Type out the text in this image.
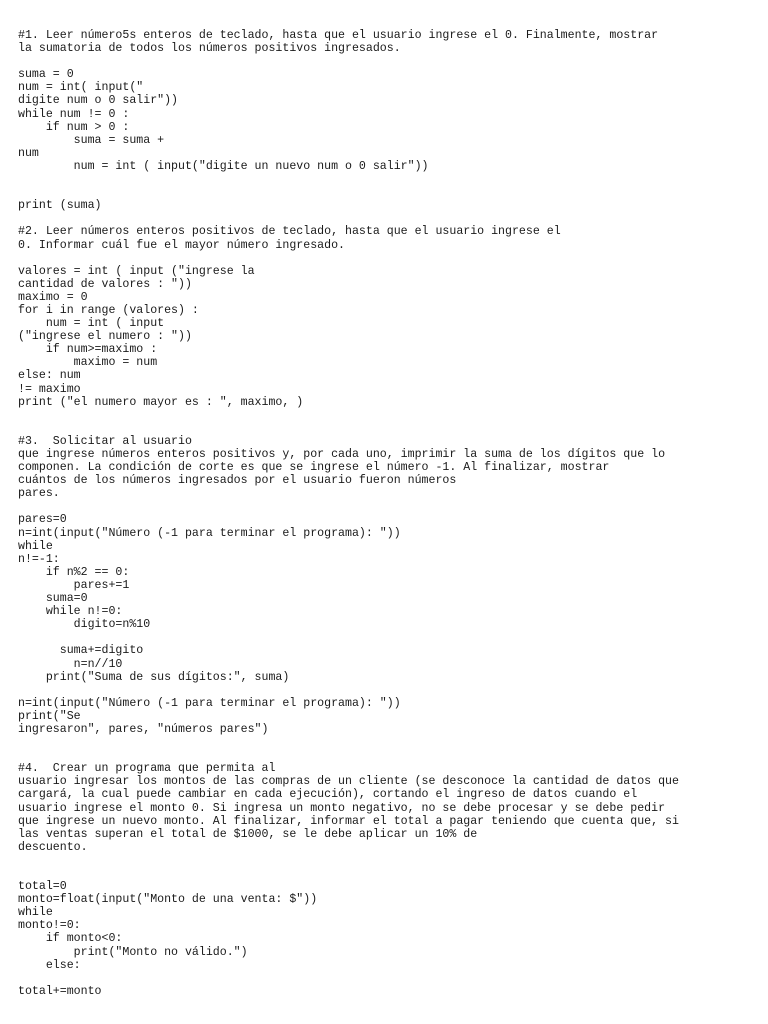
#1. Leer número5s enteros de teclado, hasta que el usuario ingrese el 0. Finalmente, mostrar
la sumatoria de todos los números positivos ingresados.
suma = 0
num = int( input("
digite num o 0 salir"))
while num != 0 :
if num > 0 :
suma = suma +
num
num = int ( input("digite un nuevo num o 0 salir"))
print (suma)
#2. Leer números enteros positivos de teclado, hasta que el usuario ingrese el
0. Informar cuál fue el mayor número ingresado.
valores = int ( input ("ingrese la
cantidad de valores : "))
maximo = 0
for i in range (valores) :
num = int ( input
("ingrese el numero : "))
if num>=maximo :
maximo = num
else: num
!= maximo
print ("el numero mayor es : ", maximo, )
#3.  Solicitar al usuario
que ingrese números enteros positivos y, por cada uno, imprimir la suma de los dígitos que lo
componen. La condición de corte es que se ingrese el número -1. Al finalizar, mostrar
cuántos de los números ingresados por el usuario fueron números
pares.
pares=0
n=int(input("Número (-1 para terminar el programa): "))
while
n!=-1:
if n%2 == 0:
pares+=1
suma=0
while n!=0:
digito=n%10
suma+=digito
n=n//10
print("Suma de sus dígitos:", suma)
n=int(input("Número (-1 para terminar el programa): "))
print("Se
ingresaron", pares, "números pares")
#4.  Crear un programa que permita al
usuario ingresar los montos de las compras de un cliente (se desconoce la cantidad de datos que
cargará, la cual puede cambiar en cada ejecución), cortando el ingreso de datos cuando el
usuario ingrese el monto 0. Si ingresa un monto negativo, no se debe procesar y se debe pedir
que ingrese un nuevo monto. Al finalizar, informar el total a pagar teniendo que cuenta que, si
las ventas superan el total de $1000, se le debe aplicar un 10% de
descuento.
total=0
monto=float(input("Monto de una venta: $"))
while
monto!=0:
if monto<0:
print("Monto no válido.")
else:
total+=monto
